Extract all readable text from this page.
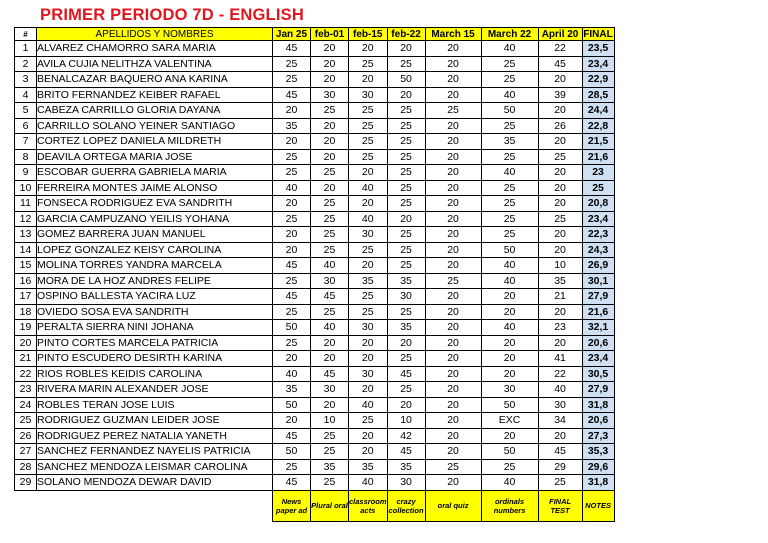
PRIMER PERIODO 7D - ENGLISH
#	APELLIDOS Y NOMBRES	Jan 25	feb-01	feb-15	feb-22	March 15	March 22	April 20	FINAL
1	ALVAREZ CHAMORRO SARA MARIA	45	20	20	20	20	40	22	23,5
2	AVILA CUJIA NELITHZA VALENTINA	25	20	25	25	20	25	45	23,4
3	BENALCAZAR BAQUERO ANA KARINA	25	20	20	50	20	25	20	22,9
4	BRITO FERNANDEZ KEIBER RAFAEL	45	30	30	20	20	40	39	28,5
5	CABEZA CARRILLO GLORIA DAYANA	20	25	25	25	25	50	20	24,4
6	CARRILLO SOLANO YEINER SANTIAGO	35	20	25	25	20	25	26	22,8
7	CORTEZ LOPEZ DANIELA MILDRETH	20	20	25	25	20	35	20	21,5
8	DEAVILA ORTEGA MARIA JOSE	25	20	25	25	20	25	25	21,6
9	ESCOBAR GUERRA GABRIELA MARIA	25	25	20	25	20	40	20	23
10	FERREIRA MONTES JAIME ALONSO	40	20	40	25	20	25	20	25
11	FONSECA RODRIGUEZ EVA SANDRITH	20	25	20	25	20	25	20	20,8
12	GARCIA CAMPUZANO YEILIS YOHANA	25	25	40	20	20	25	25	23,4
13	GOMEZ BARRERA JUAN MANUEL	20	25	30	25	20	25	20	22,3
14	LOPEZ GONZALEZ KEISY CAROLINA	20	25	25	25	20	50	20	24,3
15	MOLINA TORRES YANDRA MARCELA	45	40	20	25	20	40	10	26,9
16	MORA DE LA HOZ ANDRES FELIPE	25	30	35	35	25	40	35	30,1
17	OSPINO BALLESTA YACIRA LUZ	45	45	25	30	20	20	21	27,9
18	OVIEDO SOSA EVA SANDRITH	25	25	25	25	20	20	20	21,6
19	PERALTA SIERRA NINI JOHANA	50	40	30	35	20	40	23	32,1
20	PINTO CORTES MARCELA PATRICIA	25	20	20	20	20	20	20	20,6
21	PINTO ESCUDERO DESIRTH KARINA	20	20	20	25	20	20	41	23,4
22	RIOS ROBLES KEIDIS CAROLINA	40	45	30	45	20	20	22	30,5
23	RIVERA MARIN ALEXANDER JOSE	35	30	20	25	20	30	40	27,9
24	ROBLES TERAN JOSE LUIS	50	20	40	20	20	50	30	31,8
25	RODRIGUEZ GUZMAN LEIDER JOSE	20	10	25	10	20	EXC	34	20,6
26	RODRIGUEZ PEREZ NATALIA YANETH	45	25	20	42	20	20	20	27,3
27	SANCHEZ FERNANDEZ NAYELIS PATRICIA	50	25	20	45	20	50	45	35,3
28	SANCHEZ MENDOZA LEISMAR CAROLINA	25	35	35	35	25	25	29	29,6
29	SOLANO MENDOZA DEWAR DAVID	45	25	40	30	20	40	25	31,8
		News paper ad	Plural oral	classroom acts	crazy collection	oral quiz	ordinals numbers	FINAL TEST	NOTES
